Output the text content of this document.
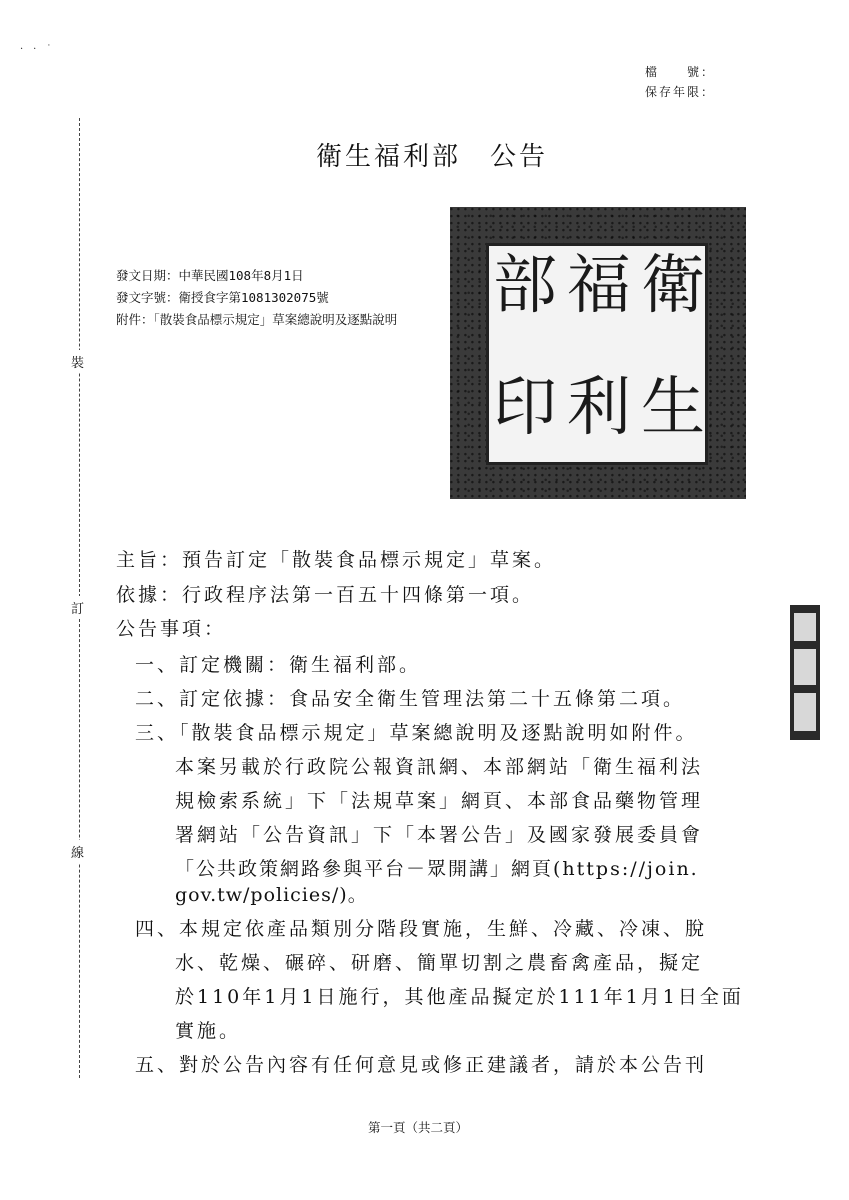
檔　　號：
保存年限：
·　·　˙
裝
訂
線
衛生福利部　公告
衛
生
福
利
部
印
發文日期：中華民國108年8月1日
發文字號：衛授食字第1081302075號
附件：「散裝食品標示規定」草案總說明及逐點說明
主旨：預告訂定「散裝食品標示規定」草案。
依據：行政程序法第一百五十四條第一項。
公告事項：
一、訂定機關：衛生福利部。
二、訂定依據：食品安全衛生管理法第二十五條第二項。
三、「散裝食品標示規定」草案總說明及逐點說明如附件。
本案另載於行政院公報資訊網、本部網站「衛生福利法
規檢索系統」下「法規草案」網頁、本部食品藥物管理
署網站「公告資訊」下「本署公告」及國家發展委員會
「公共政策網路參與平台－眾開講」網頁(https://join.
gov.tw/policies/)。
四、本規定依產品類別分階段實施，生鮮、冷藏、冷凍、脫
水、乾燥、碾碎、研磨、簡單切割之農畜禽產品，擬定
於110年1月1日施行，其他產品擬定於111年1月1日全面
實施。
五、對於公告內容有任何意見或修正建議者，請於本公告刊
第一頁（共二頁）
